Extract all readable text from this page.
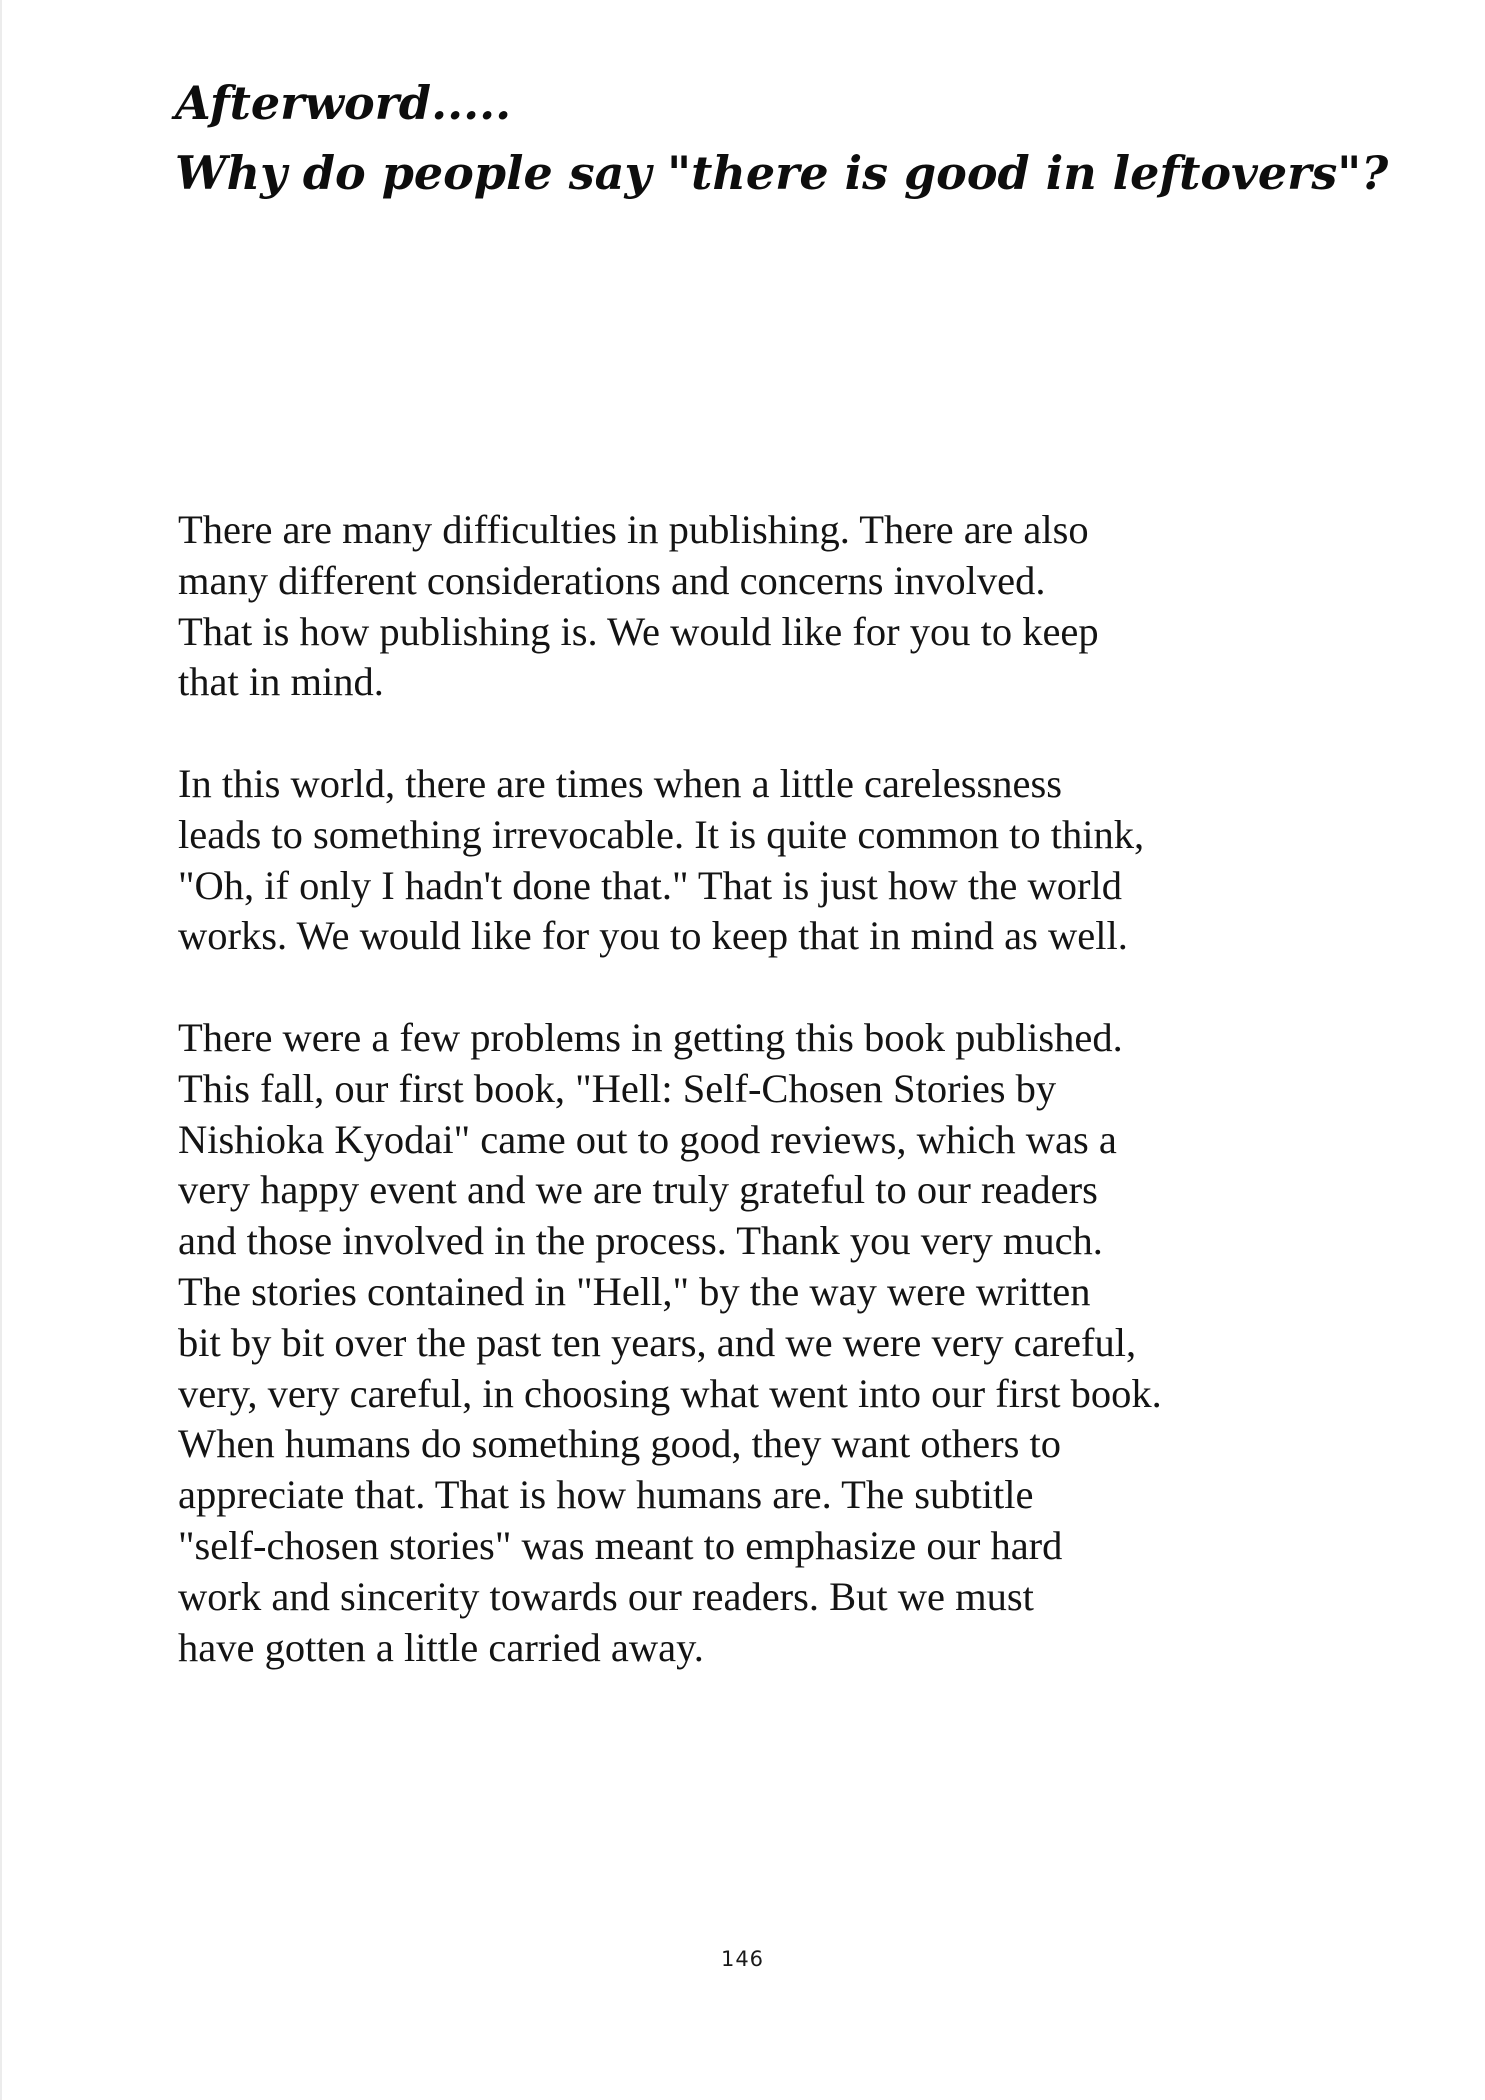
Afterword.....
Why do people say "there is good in leftovers"?

There are many difficulties in publishing. There are also
many different considerations and concerns involved.
That is how publishing is. We would like for you to keep
that in mind.

In this world, there are times when a little carelessness
leads to something irrevocable. It is quite common to think,
"Oh, if only I hadn't done that." That is just how the world
works. We would like for you to keep that in mind as well.

There were a few problems in getting this book published.
This fall, our first book, "Hell: Self-Chosen Stories by
Nishioka Kyodai" came out to good reviews, which was a
very happy event and we are truly grateful to our readers
and those involved in the process. Thank you very much.
The stories contained in "Hell," by the way were written
bit by bit over the past ten years, and we were very careful,
very, very careful, in choosing what went into our first book.
When humans do something good, they want others to
appreciate that. That is how humans are. The subtitle
"self-chosen stories" was meant to emphasize our hard
work and sincerity towards our readers. But we must
have gotten a little carried away.

146
